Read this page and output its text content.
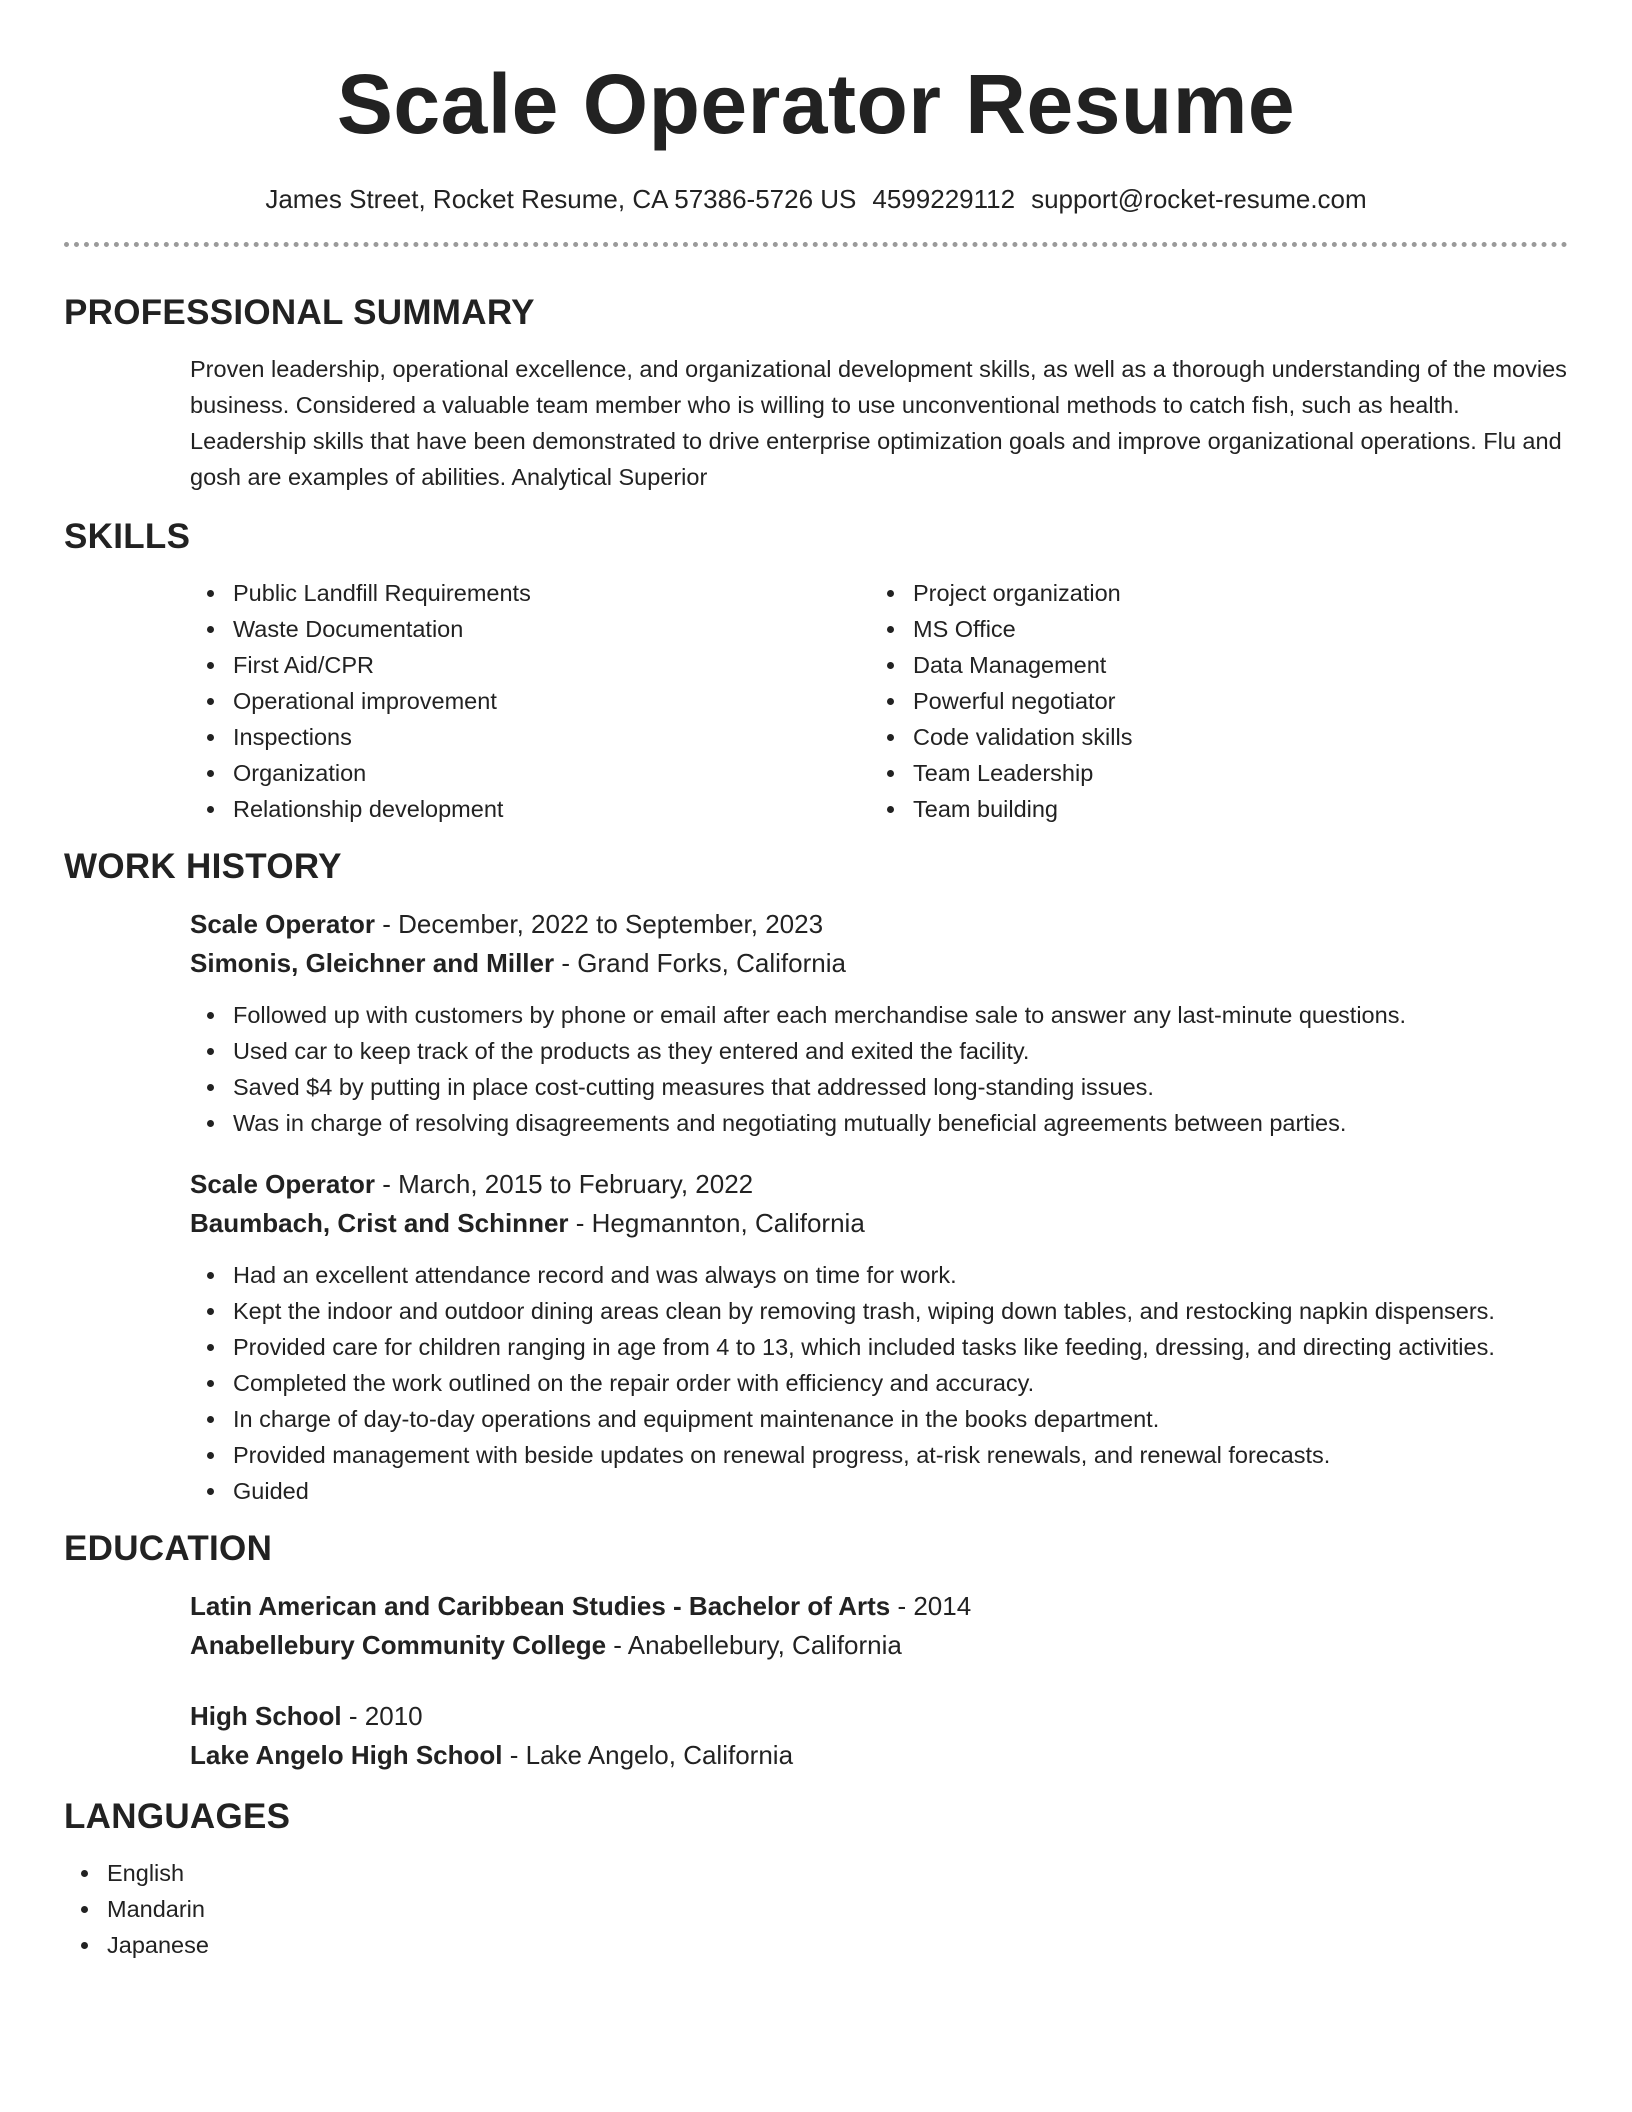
Scale Operator Resume
James Street, Rocket Resume, CA 57386-5726 US 4599229112 support@rocket-resume.com
PROFESSIONAL SUMMARY
Proven leadership, operational excellence, and organizational development skills, as well as a thorough understanding of the movies business. Considered a valuable team member who is willing to use unconventional methods to catch fish, such as health. Leadership skills that have been demonstrated to drive enterprise optimization goals and improve organizational operations. Flu and gosh are examples of abilities. Analytical Superior
SKILLS
Public Landfill Requirements
Waste Documentation
First Aid/CPR
Operational improvement
Inspections
Organization
Relationship development
Project organization
MS Office
Data Management
Powerful negotiator
Code validation skills
Team Leadership
Team building
WORK HISTORY
Scale Operator - December, 2022 to September, 2023
Simonis, Gleichner and Miller - Grand Forks, California
Followed up with customers by phone or email after each merchandise sale to answer any last-minute questions.
Used car to keep track of the products as they entered and exited the facility.
Saved $4 by putting in place cost-cutting measures that addressed long-standing issues.
Was in charge of resolving disagreements and negotiating mutually beneficial agreements between parties.
Scale Operator - March, 2015 to February, 2022
Baumbach, Crist and Schinner - Hegmannton, California
Had an excellent attendance record and was always on time for work.
Kept the indoor and outdoor dining areas clean by removing trash, wiping down tables, and restocking napkin dispensers.
Provided care for children ranging in age from 4 to 13, which included tasks like feeding, dressing, and directing activities.
Completed the work outlined on the repair order with efficiency and accuracy.
In charge of day-to-day operations and equipment maintenance in the books department.
Provided management with beside updates on renewal progress, at-risk renewals, and renewal forecasts.
Guided
EDUCATION
Latin American and Caribbean Studies - Bachelor of Arts - 2014
Anabellebury Community College - Anabellebury, California
High School - 2010
Lake Angelo High School - Lake Angelo, California
LANGUAGES
English
Mandarin
Japanese
